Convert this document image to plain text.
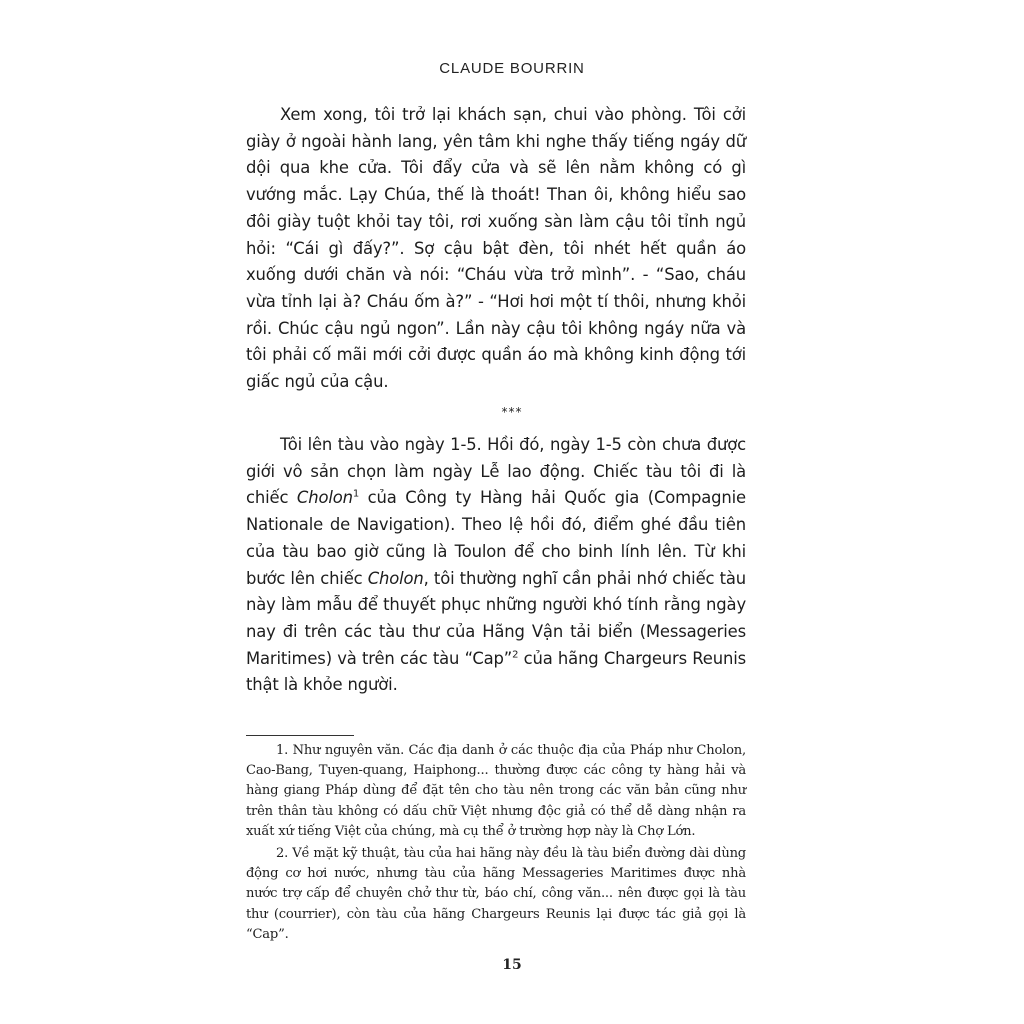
CLAUDE BOURRIN

Xem xong, tôi trở lại khách sạn, chui vào phòng. Tôi cởi giày ở ngoài hành lang, yên tâm khi nghe thấy tiếng ngáy dữ dội qua khe cửa. Tôi đẩy cửa và sẽ lên nằm không có gì vướng mắc. Lạy Chúa, thế là thoát! Than ôi, không hiểu sao đôi giày tuột khỏi tay tôi, rơi xuống sàn làm cậu tôi tỉnh ngủ hỏi: “Cái gì đấy?”. Sợ cậu bật đèn, tôi nhét hết quần áo xuống dưới chăn và nói: “Cháu vừa trở mình”. - “Sao, cháu vừa tỉnh lại à? Cháu ốm à?” - “Hơi hơi một tí thôi, nhưng khỏi rồi. Chúc cậu ngủ ngon”. Lần này cậu tôi không ngáy nữa và tôi phải cố mãi mới cởi được quần áo mà không kinh động tới giấc ngủ của cậu.

***

Tôi lên tàu vào ngày 1-5. Hồi đó, ngày 1-5 còn chưa được giới vô sản chọn làm ngày Lễ lao động. Chiếc tàu tôi đi là chiếc Cholon$^1$ của Công ty Hàng hải Quốc gia (Compagnie Nationale de Navigation). Theo lệ hồi đó, điểm ghé đầu tiên của tàu bao giờ cũng là Toulon để cho binh lính lên. Từ khi bước lên chiếc Cholon, tôi thường nghĩ cần phải nhớ chiếc tàu này làm mẫu để thuyết phục những người khó tính rằng ngày nay đi trên các tàu thư của Hãng Vận tải biển (Messageries Maritimes) và trên các tàu “Cap”$^2$ của hãng Chargeurs Reunis thật là khỏe người.

1. Như nguyên văn. Các địa danh ở các thuộc địa của Pháp như Cholon, Cao-Bang, Tuyen-quang, Haiphong... thường được các công ty hàng hải và hàng giang Pháp dùng để đặt tên cho tàu nên trong các văn bản cũng như trên thân tàu không có dấu chữ Việt nhưng độc giả có thể dễ dàng nhận ra xuất xứ tiếng Việt của chúng, mà cụ thể ở trường hợp này là Chợ Lớn.

2. Về mặt kỹ thuật, tàu của hai hãng này đều là tàu biển đường dài dùng động cơ hơi nước, nhưng tàu của hãng Messageries Maritimes được nhà nước trợ cấp để chuyên chở thư từ, báo chí, công văn... nên được gọi là tàu thư (courrier), còn tàu của hãng Chargeurs Reunis lại được tác giả gọi là “Cap”.

15
